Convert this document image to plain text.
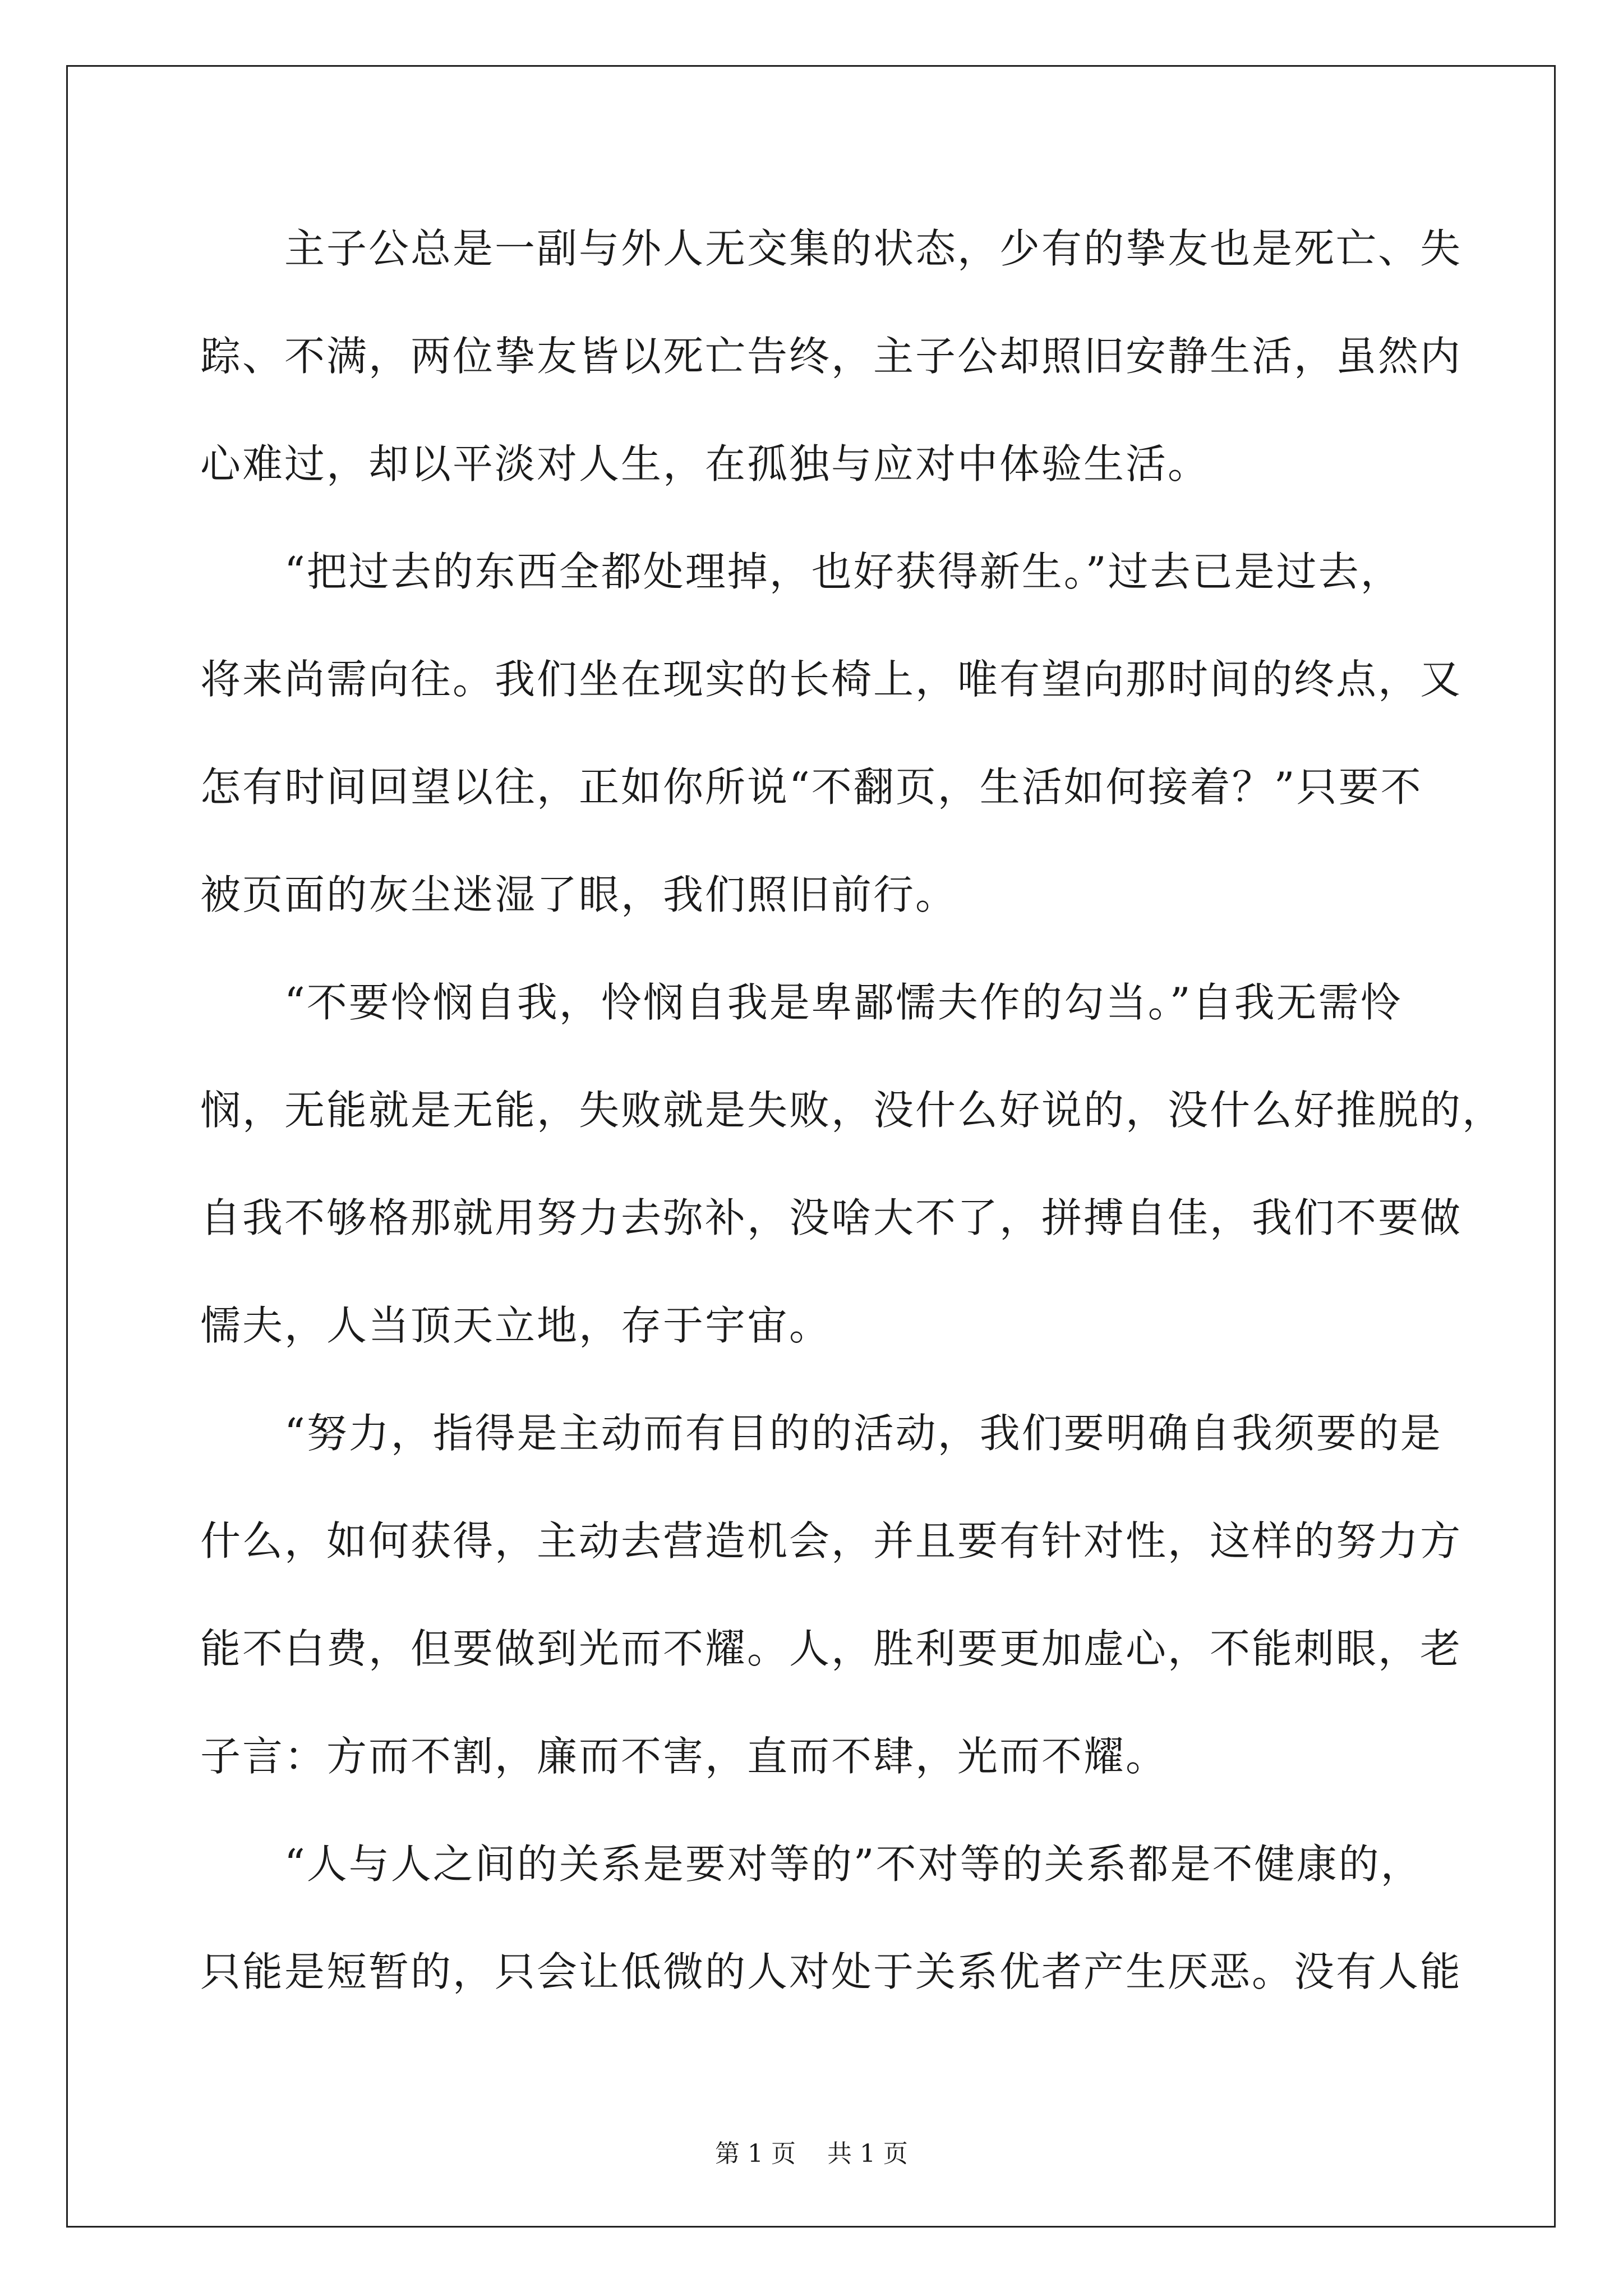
主子公总是一副与外人无交集的状态，少有的挚友也是死亡、失
踪、不满，两位挚友皆以死亡告终，主子公却照旧安静生活，虽然内
心难过，却以平淡对人生，在孤独与应对中体验生活。
“把过去的东西全都处理掉，也好获得新生。”过去已是过去，
将来尚需向往。我们坐在现实的长椅上，唯有望向那时间的终点，又
怎有时间回望以往，正如你所说“不翻页，生活如何接着？”只要不
被页面的灰尘迷湿了眼，我们照旧前行。
“不要怜悯自我，怜悯自我是卑鄙懦夫作的勾当。”自我无需怜
悯，无能就是无能，失败就是失败，没什么好说的，没什么好推脱的，
自我不够格那就用努力去弥补，没啥大不了，拼搏自佳，我们不要做
懦夫，人当顶天立地，存于宇宙。
“努力，指得是主动而有目的的活动，我们要明确自我须要的是
什么，如何获得，主动去营造机会，并且要有针对性，这样的努力方
能不白费，但要做到光而不耀。人，胜利要更加虚心，不能刺眼，老
子言：方而不割，廉而不害，直而不肆，光而不耀。
“人与人之间的关系是要对等的”不对等的关系都是不健康的，
只能是短暂的，只会让低微的人对处于关系优者产生厌恶。没有人能
第 1 页    共 1 页
